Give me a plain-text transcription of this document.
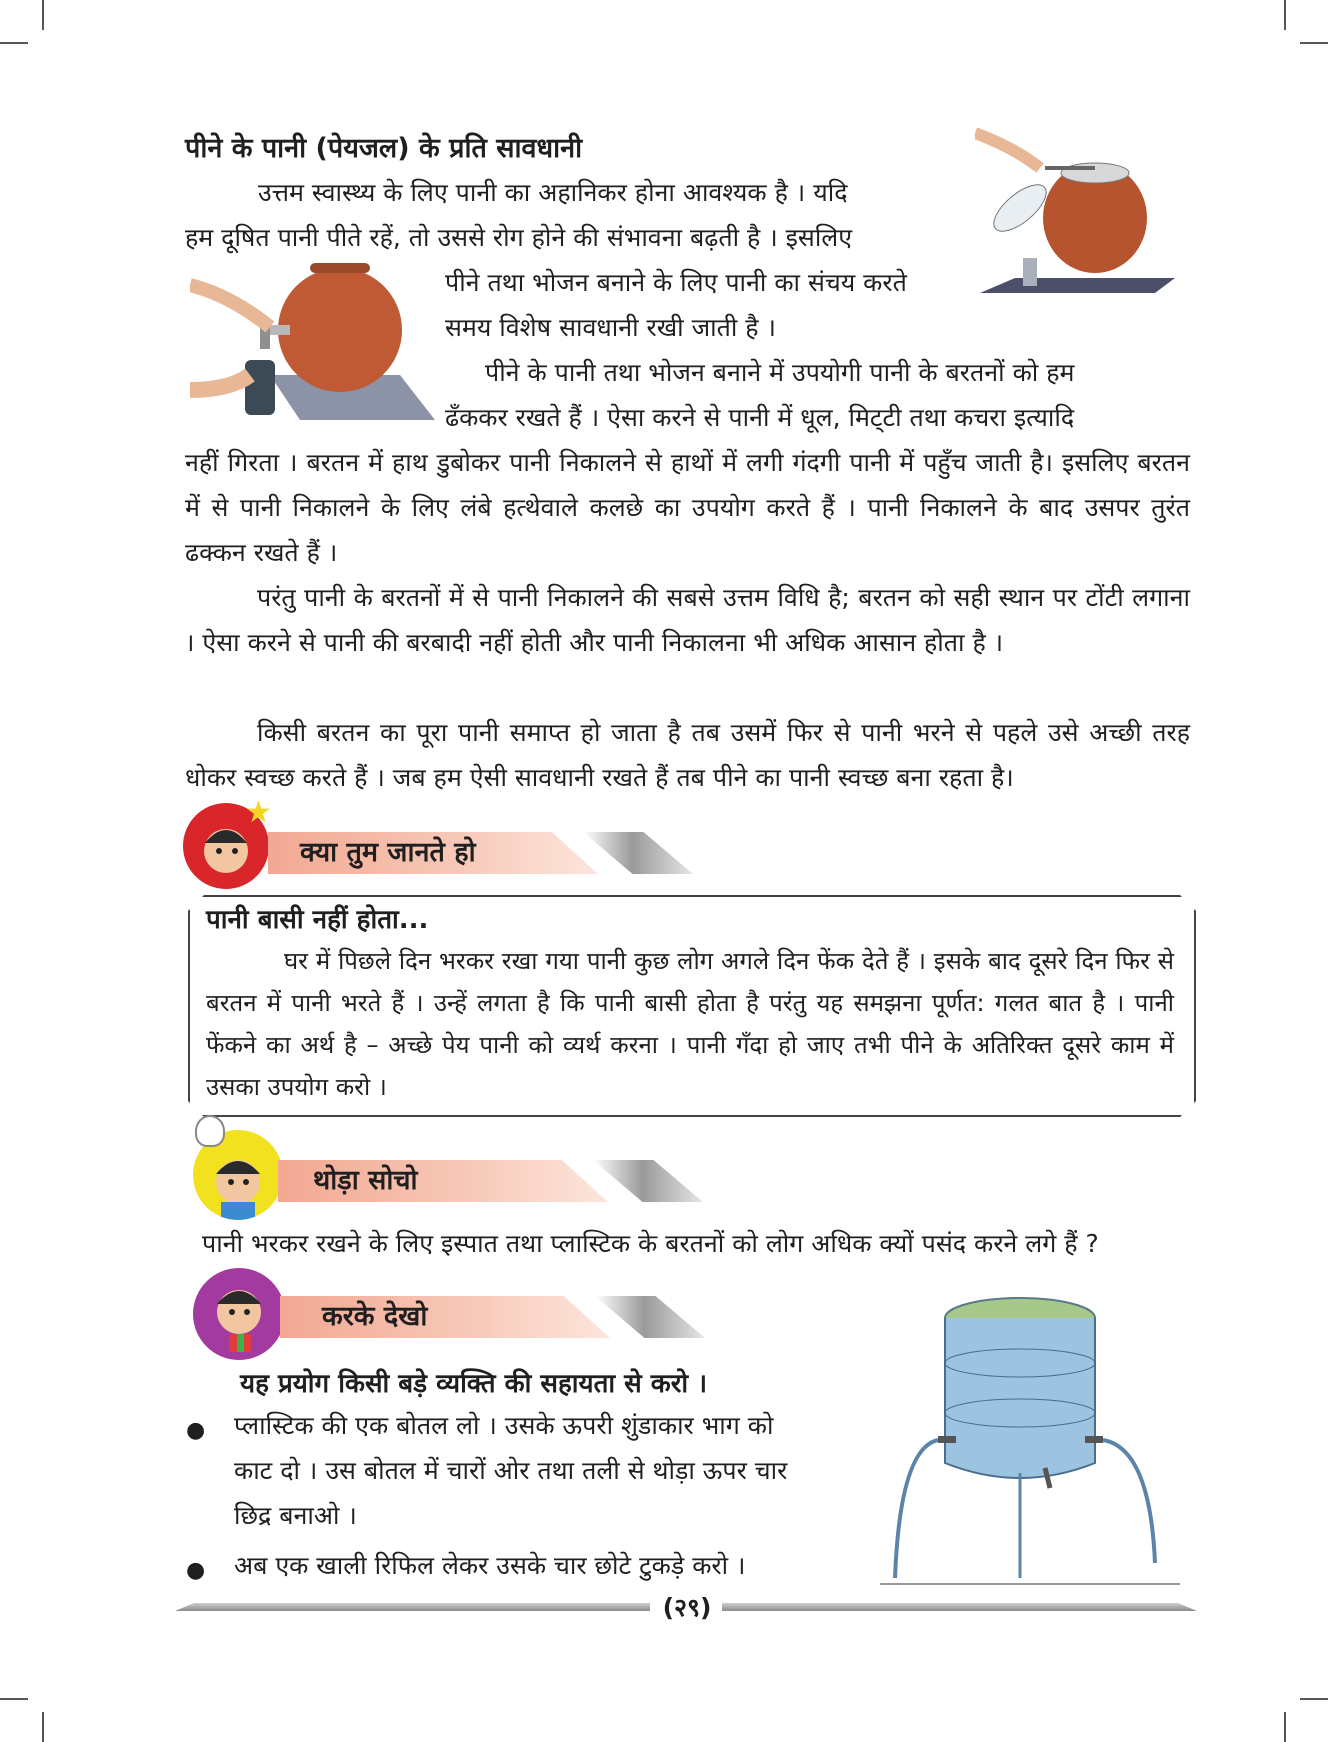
पीने के पानी (पेयजल) के प्रति सावधानी

उत्तम स्वास्थ्य के लिए पानी का अहानिकर होना आवश्यक है । यदि

हम दूषित पानी पीते रहें, तो उससे रोग होने की संभावना बढ़ती है । इसलिए

पीने तथा भोजन बनाने के लिए पानी का संचय करते

समय विशेष सावधानी रखी जाती है ।

पीने के पानी तथा भोजन बनाने में उपयोगी पानी के बरतनों को हम

ढँककर रखते हैं । ऐसा करने से पानी में धूल, मिट्‌टी तथा कचरा इत्यादि

नहीं गिरता । बरतन में हाथ डुबोकर पानी निकालने से हाथों में लगी गंदगी पानी में पहुँच जाती है। इसलिए बरतन में से पानी निकालने के लिए लंबे हत्थेवाले कलछे का उपयोग करते हैं । पानी निकालने के बाद उसपर तुरंत ढक्कन रखते हैं ।

परंतु पानी के बरतनों में से पानी निकालने की सबसे उत्तम विधि है; बरतन को सही स्थान पर टोंटी लगाना । ऐसा करने से पानी की बरबादी नहीं होती और पानी निकालना भी अधिक आसान होता है ।

किसी बरतन का पूरा पानी समाप्त हो जाता है तब उसमें फिर से पानी भरने से पहले उसे अच्छी तरह धोकर स्वच्छ करते हैं । जब हम ऐसी सावधानी रखते हैं तब पीने का पानी स्वच्छ बना रहता है।

★
क्या तुम जानते हो
पानी बासी नहीं होता...

घर में पिछले दिन भरकर रखा गया पानी कुछ लोग अगले दिन फेंक देते हैं । इसके बाद दूसरे दिन फिर से बरतन में पानी भरते हैं । उन्हें लगता है कि पानी बासी होता है परंतु यह समझना पूर्णत: गलत बात है । पानी फेंकने का अर्थ है – अच्छे पेय पानी को व्यर्थ करना । पानी गँदा हो जाए तभी पीने के अतिरिक्त दूसरे काम में उसका उपयोग करो ।

थोड़ा सोचो

पानी भरकर रखने के लिए इस्पात तथा प्लास्टिक के बरतनों को लोग अधिक क्यों पसंद करने लगे हैं ?

करके देखो
यह प्रयोग किसी बड़े व्यक्ति की सहायता से करो ।
● प्लास्टिक की एक बोतल लो । उसके ऊपरी शुंडाकार भाग को

काट दो । उस बोतल में चारों ओर तथा तली से थोड़ा ऊपर चार

छिद्र बनाओ ।

● अब एक खाली रिफिल लेकर उसके चार छोटे टुकड़े करो ।

(२९)
